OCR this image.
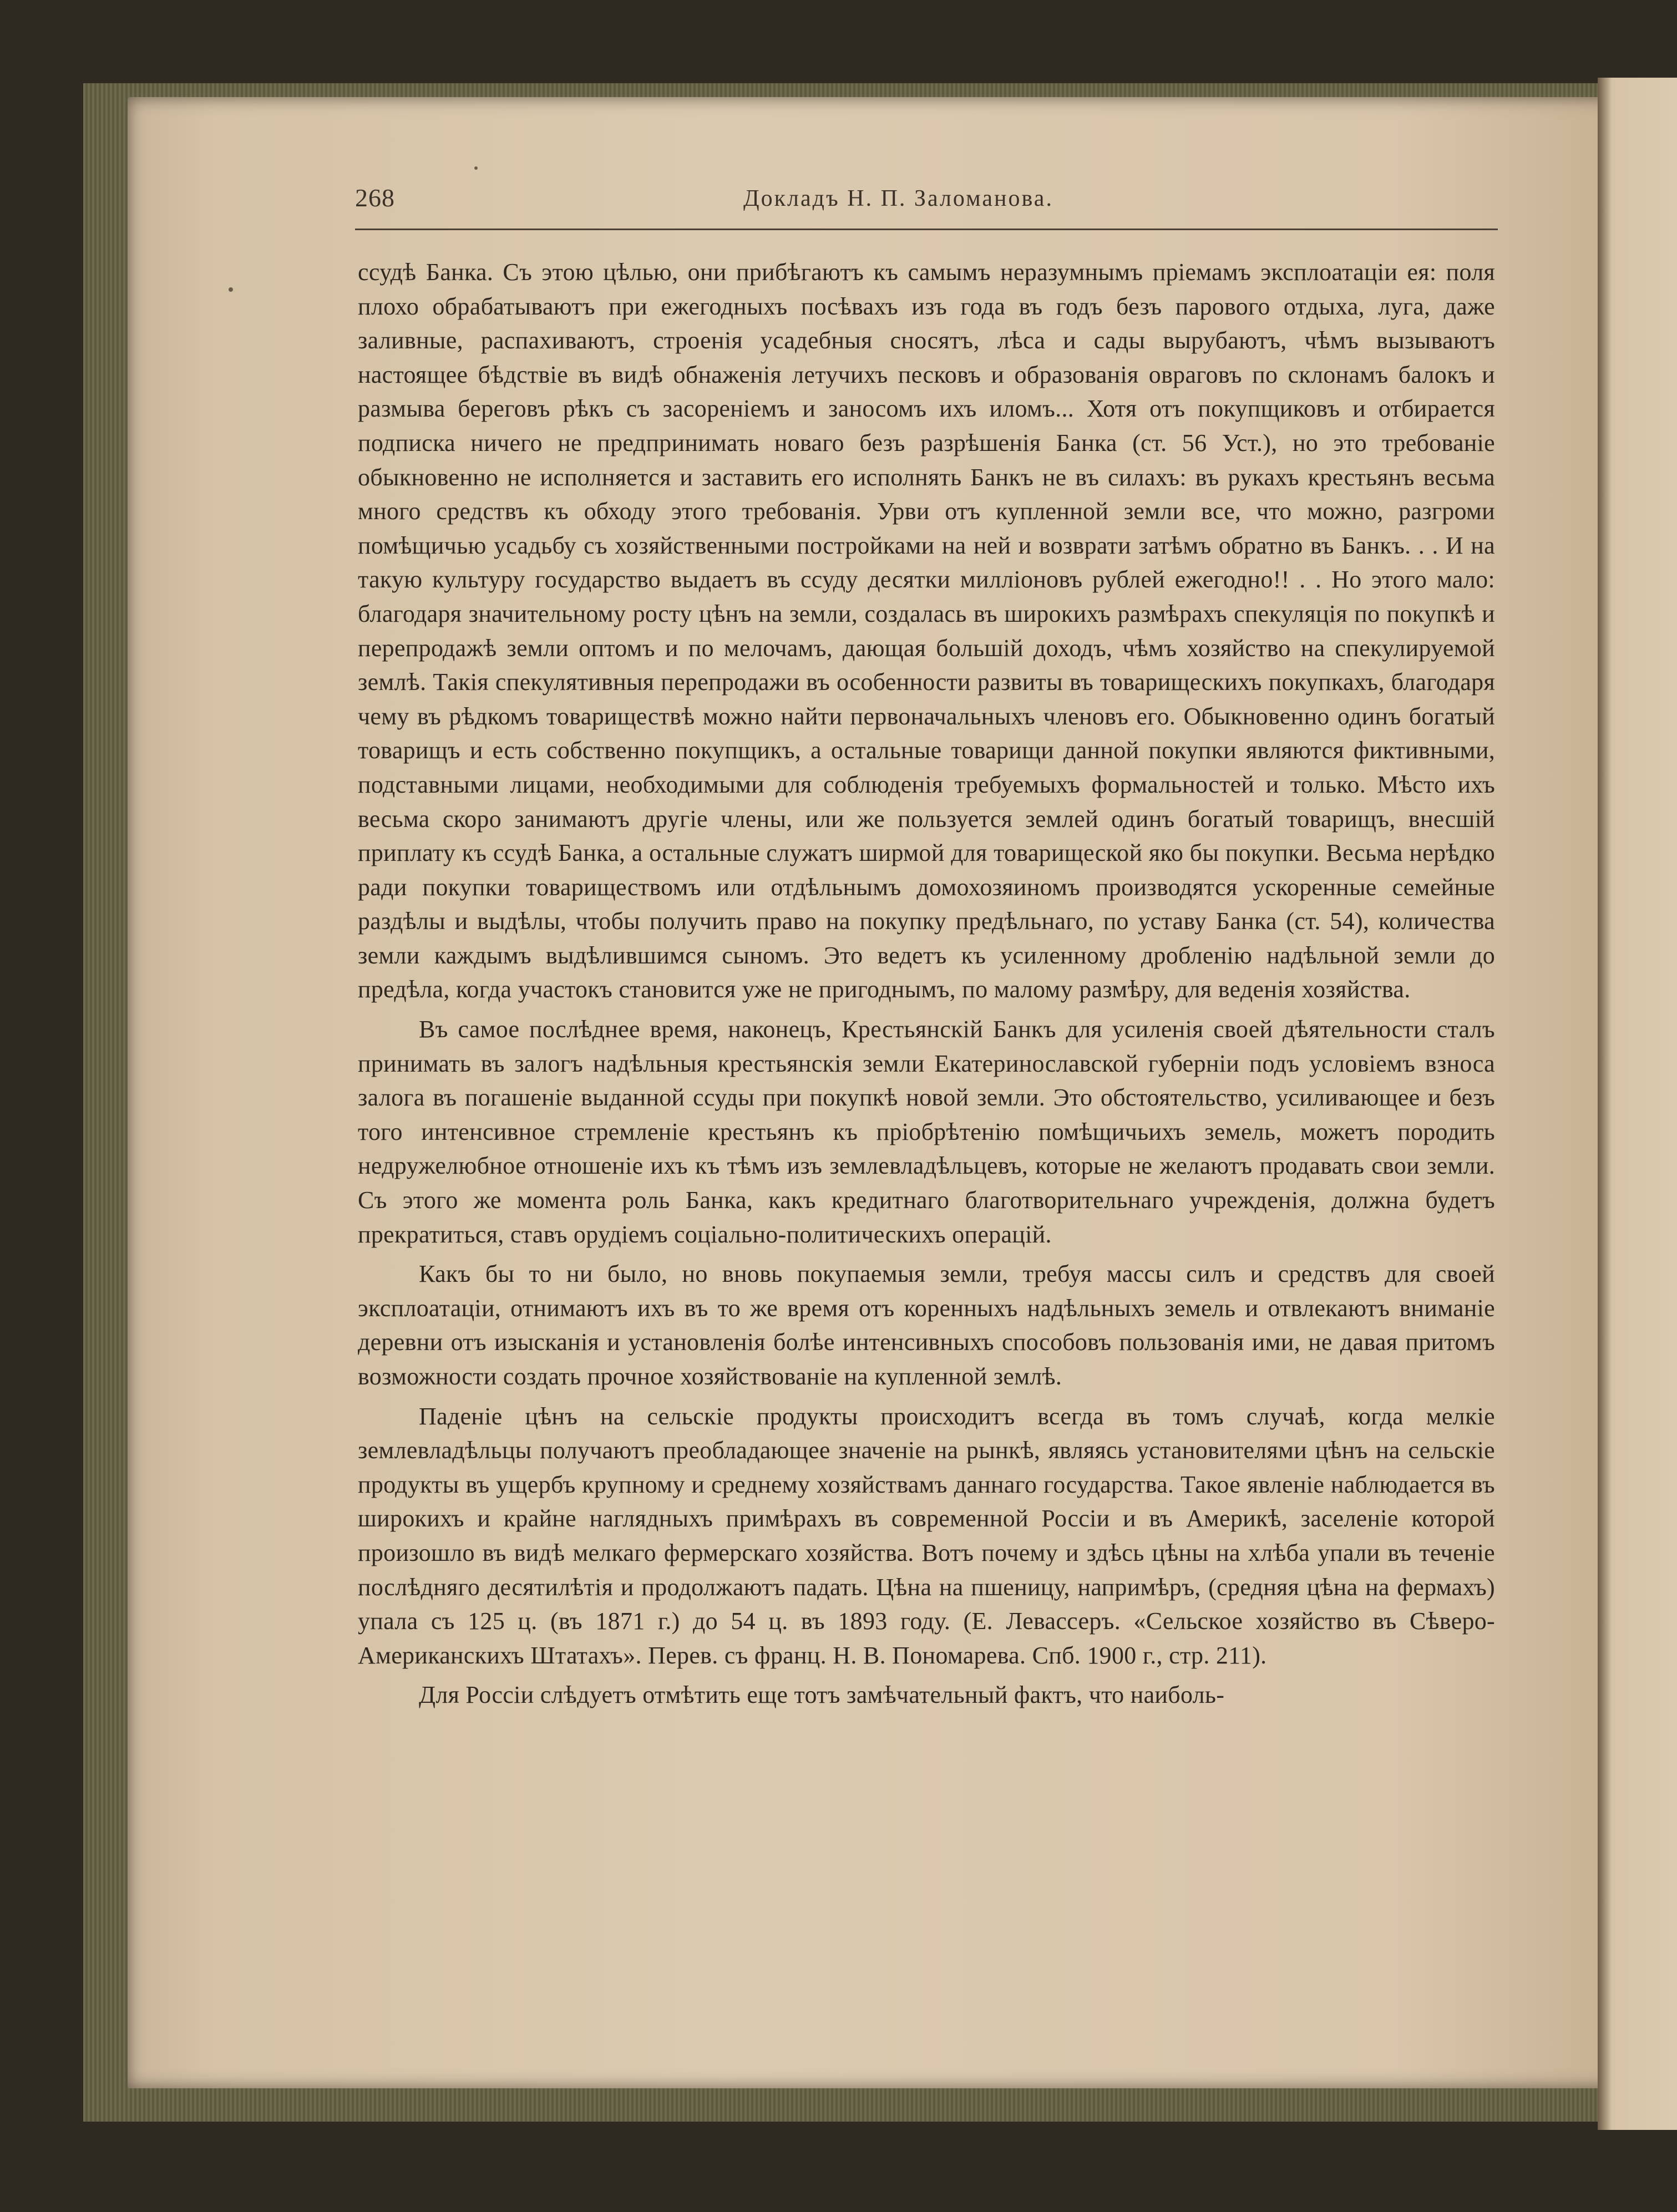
268	Докладъ Н. П. Заломанова.

ссудѣ Банка. Съ этою цѣлью, они прибѣгаютъ къ самымъ неразумнымъ пріемамъ эксплоатаціи ея: поля плохо обрабатываютъ при ежегодныхъ посѣвахъ изъ года въ годъ безъ парового отдыха, луга, даже заливные, распахиваютъ, строенія усадебныя сносятъ, лѣса и сады вырубаютъ, чѣмъ вызываютъ настоящее бѣдствіе въ видѣ обнаженія летучихъ песковъ и образованія овраговъ по склонамъ балокъ и размыва береговъ рѣкъ съ засореніемъ и заносомъ ихъ иломъ... Хотя отъ покупщиковъ и отбирается подписка ничего не предпринимать новаго безъ разрѣшенія Банка (ст. 56 Уст.), но это требованіе обыкновенно не исполняется и заставить его исполнять Банкъ не въ силахъ: въ рукахъ крестьянъ весьма много средствъ къ обходу этого требованія. Урви отъ купленной земли все, что можно, разгроми помѣщичью усадьбу съ хозяйственными постройками на ней и возврати затѣмъ обратно въ Банкъ. . . И на такую культуру государство выдаетъ въ ссуду десятки милліоновъ рублей ежегодно!! . . Но этого мало: благодаря значительному росту цѣнъ на земли, создалась въ широкихъ размѣрахъ спекуляція по покупкѣ и перепродажѣ земли оптомъ и по мелочамъ, дающая большій доходъ, чѣмъ хозяйство на спекулируемой землѣ. Такія спекулятивныя перепродажи въ особенности развиты въ товарищескихъ покупкахъ, благодаря чему въ рѣдкомъ товариществѣ можно найти первоначальныхъ членовъ его. Обыкновенно одинъ богатый товарищъ и есть собственно покупщикъ, а остальные товарищи данной покупки являются фиктивными, подставными лицами, необходимыми для соблюденія требуемыхъ формальностей и только. Мѣсто ихъ весьма скоро занимаютъ другіе члены, или же пользуется землей одинъ богатый товарищъ, внесшій приплату къ ссудѣ Банка, а остальные служатъ ширмой для товарищеской яко бы покупки. Весьма нерѣдко ради покупки товариществомъ или отдѣльнымъ домохозяиномъ производятся ускоренные семейные раздѣлы и выдѣлы, чтобы получить право на покупку предѣльнаго, по уставу Банка (ст. 54), количества земли каждымъ выдѣлившимся сыномъ. Это ведетъ къ усиленному дробленію надѣльной земли до предѣла, когда участокъ становится уже не пригоднымъ, по малому размѣру, для веденія хозяйства.

Въ самое послѣднее время, наконецъ, Крестьянскій Банкъ для усиленія своей дѣятельности сталъ принимать въ залогъ надѣльныя крестьянскія земли Екатеринославской губерніи подъ условіемъ взноса залога въ погашеніе выданной ссуды при покупкѣ новой земли. Это обстоятельство, усиливающее и безъ того интенсивное стремленіе крестьянъ къ пріобрѣтенію помѣщичьихъ земель, можетъ породить недружелюбное отношеніе ихъ къ тѣмъ изъ землевладѣльцевъ, которые не желаютъ продавать свои земли. Съ этого же момента роль Банка, какъ кредитнаго благотворительнаго учрежденія, должна будетъ прекратиться, ставъ орудіемъ соціально-политическихъ операцій.

Какъ бы то ни было, но вновь покупаемыя земли, требуя массы силъ и средствъ для своей эксплоатаціи, отнимаютъ ихъ въ то же время отъ коренныхъ надѣльныхъ земель и отвлекаютъ вниманіе деревни отъ изысканія и установленія болѣе интенсивныхъ способовъ пользованія ими, не давая притомъ возможности создать прочное хозяйствованіе на купленной землѣ.

Паденіе цѣнъ на сельскіе продукты происходитъ всегда въ томъ случаѣ, когда мелкіе землевладѣльцы получаютъ преобладающее значеніе на рынкѣ, являясь установителями цѣнъ на сельскіе продукты въ ущербъ крупному и среднему хозяйствамъ даннаго государства. Такое явленіе наблюдается въ широкихъ и крайне наглядныхъ примѣрахъ въ современной Россіи и въ Америкѣ, заселеніе которой произошло въ видѣ мелкаго фермерскаго хозяйства. Вотъ почему и здѣсь цѣны на хлѣба упали въ теченіе послѣдняго десятилѣтія и продолжаютъ падать. Цѣна на пшеницу, напримѣръ, (средняя цѣна на фермахъ) упала съ 125 ц. (въ 1871 г.) до 54 ц. въ 1893 году. (Е. Левассеръ. «Сельское хозяйство въ Сѣверо-Американскихъ Штатахъ». Перев. съ франц. Н. В. Пономарева. Спб. 1900 г., стр. 211).

Для Россіи слѣдуетъ отмѣтить еще тотъ замѣчательный фактъ, что наиболь-
